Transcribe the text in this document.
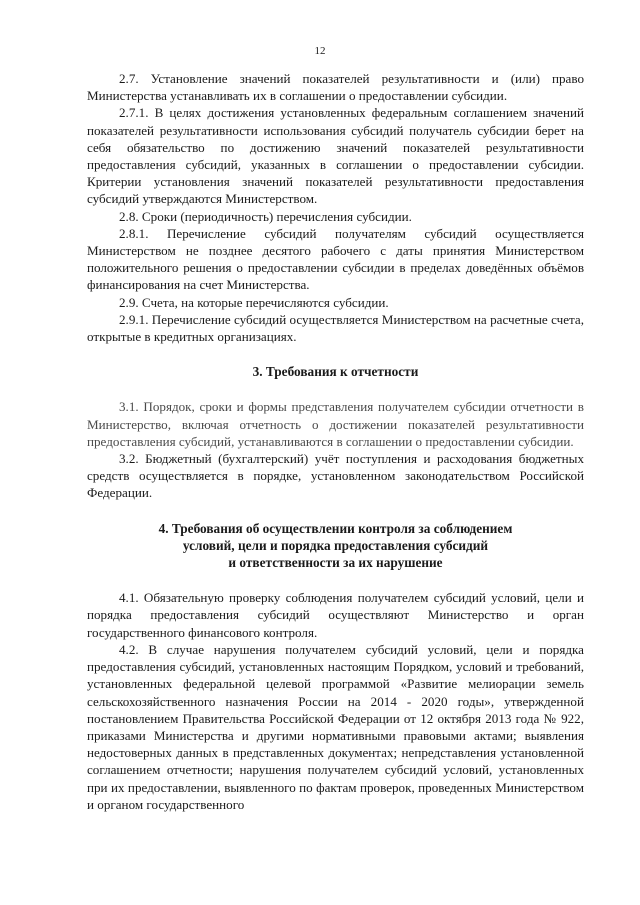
12

2.7. Установление значений показателей результативности и (или) право Министерства устанавливать их в соглашении о предоставлении субсидии.

2.7.1. В целях достижения установленных федеральным соглашением значений показателей результативности использования субсидий получатель субсидии берет на себя обязательство по достижению значений показателей результативности предоставления субсидий, указанных в соглашении о предоставлении субсидии. Критерии установления значений показателей результативности предоставления субсидий утверждаются Министерством.

2.8. Сроки (периодичность) перечисления субсидии.

2.8.1. Перечисление субсидий получателям субсидий осуществляется Министерством не позднее десятого рабочего с даты принятия Министерством положительного решения о предоставлении субсидии в пределах доведённых объёмов финансирования на счет Министерства.

2.9. Счета, на которые перечисляются субсидии.

2.9.1. Перечисление субсидий осуществляется Министерством на расчетные счета, открытые в кредитных организациях.

3. Требования к отчетности

3.1. Порядок, сроки и формы представления получателем субсидии отчетности в Министерство, включая отчетность о достижении показателей результативности предоставления субсидий, устанавливаются в соглашении о предоставлении субсидии.

3.2. Бюджетный (бухгалтерский) учёт поступления и расходования бюджетных средств осуществляется в порядке, установленном законодательством Российской Федерации.

4. Требования об осуществлении контроля за соблюдением

условий, цели и порядка предоставления субсидий

и ответственности за их нарушение

4.1. Обязательную проверку соблюдения получателем субсидий условий, цели и порядка предоставления субсидий осуществляют Министерство и орган государственного финансового контроля.

4.2. В случае нарушения получателем субсидий условий, цели и порядка предоставления субсидий, установленных настоящим Порядком, условий и требований, установленных федеральной целевой программой «Развитие мелиорации земель сельскохозяйственного назначения России на 2014 - 2020 годы», утвержденной постановлением Правительства Российской Федерации от 12 октября 2013 года № 922, приказами Министерства и другими нормативными правовыми актами; выявления недостоверных данных в представленных документах; непредставления установленной соглашением отчетности; нарушения получателем субсидий условий, установленных при их предоставлении, выявленного по фактам проверок, проведенных Министерством и органом государственного
